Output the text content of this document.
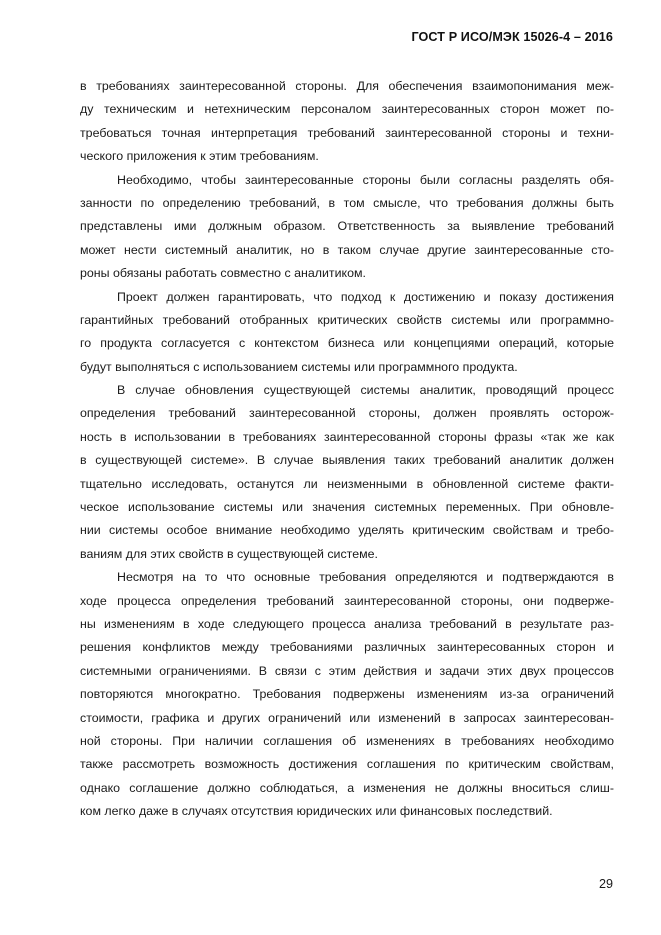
ГОСТ Р ИСО/МЭК 15026-4 – 2016
в требованиях заинтересованной стороны. Для обеспечения взаимопонимания меж-
ду техническим и нетехническим персоналом заинтересованных сторон может по-
требоваться точная интерпретация требований заинтересованной стороны и техни-
ческого приложения к этим требованиям.
Необходимо, чтобы заинтересованные стороны были согласны разделять обя-
занности по определению требований, в том смысле, что требования должны быть
представлены ими должным образом. Ответственность за выявление требований
может нести системный аналитик, но в таком случае другие заинтересованные сто-
роны обязаны работать совместно с аналитиком.
Проект должен гарантировать, что подход к достижению и показу достижения
гарантийных требований отобранных критических свойств системы или программно-
го продукта согласуется с контекстом бизнеса или концепциями операций, которые
будут выполняться с использованием системы или программного продукта.
В случае обновления существующей системы аналитик, проводящий процесс
определения требований заинтересованной стороны, должен проявлять осторож-
ность в использовании в требованиях заинтересованной стороны фразы «так же как
в существующей системе». В случае выявления таких требований аналитик должен
тщательно исследовать, останутся ли неизменными в обновленной системе факти-
ческое использование системы или значения системных переменных. При обновле-
нии системы особое внимание необходимо уделять критическим свойствам и требо-
ваниям для этих свойств в существующей системе.
Несмотря на то что основные требования определяются и подтверждаются в
ходе процесса определения требований заинтересованной стороны, они подверже-
ны изменениям в ходе следующего процесса анализа требований в результате раз-
решения конфликтов между требованиями различных заинтересованных сторон и
системными ограничениями. В связи с этим действия и задачи этих двух процессов
повторяются многократно. Требования подвержены изменениям из-за ограничений
стоимости, графика и других ограничений или изменений в запросах заинтересован-
ной стороны. При наличии соглашения об изменениях в требованиях необходимо
также рассмотреть возможность достижения соглашения по критическим свойствам,
однако соглашение должно соблюдаться, а изменения не должны вноситься слиш-
ком легко даже в случаях отсутствия юридических или финансовых последствий.
29
